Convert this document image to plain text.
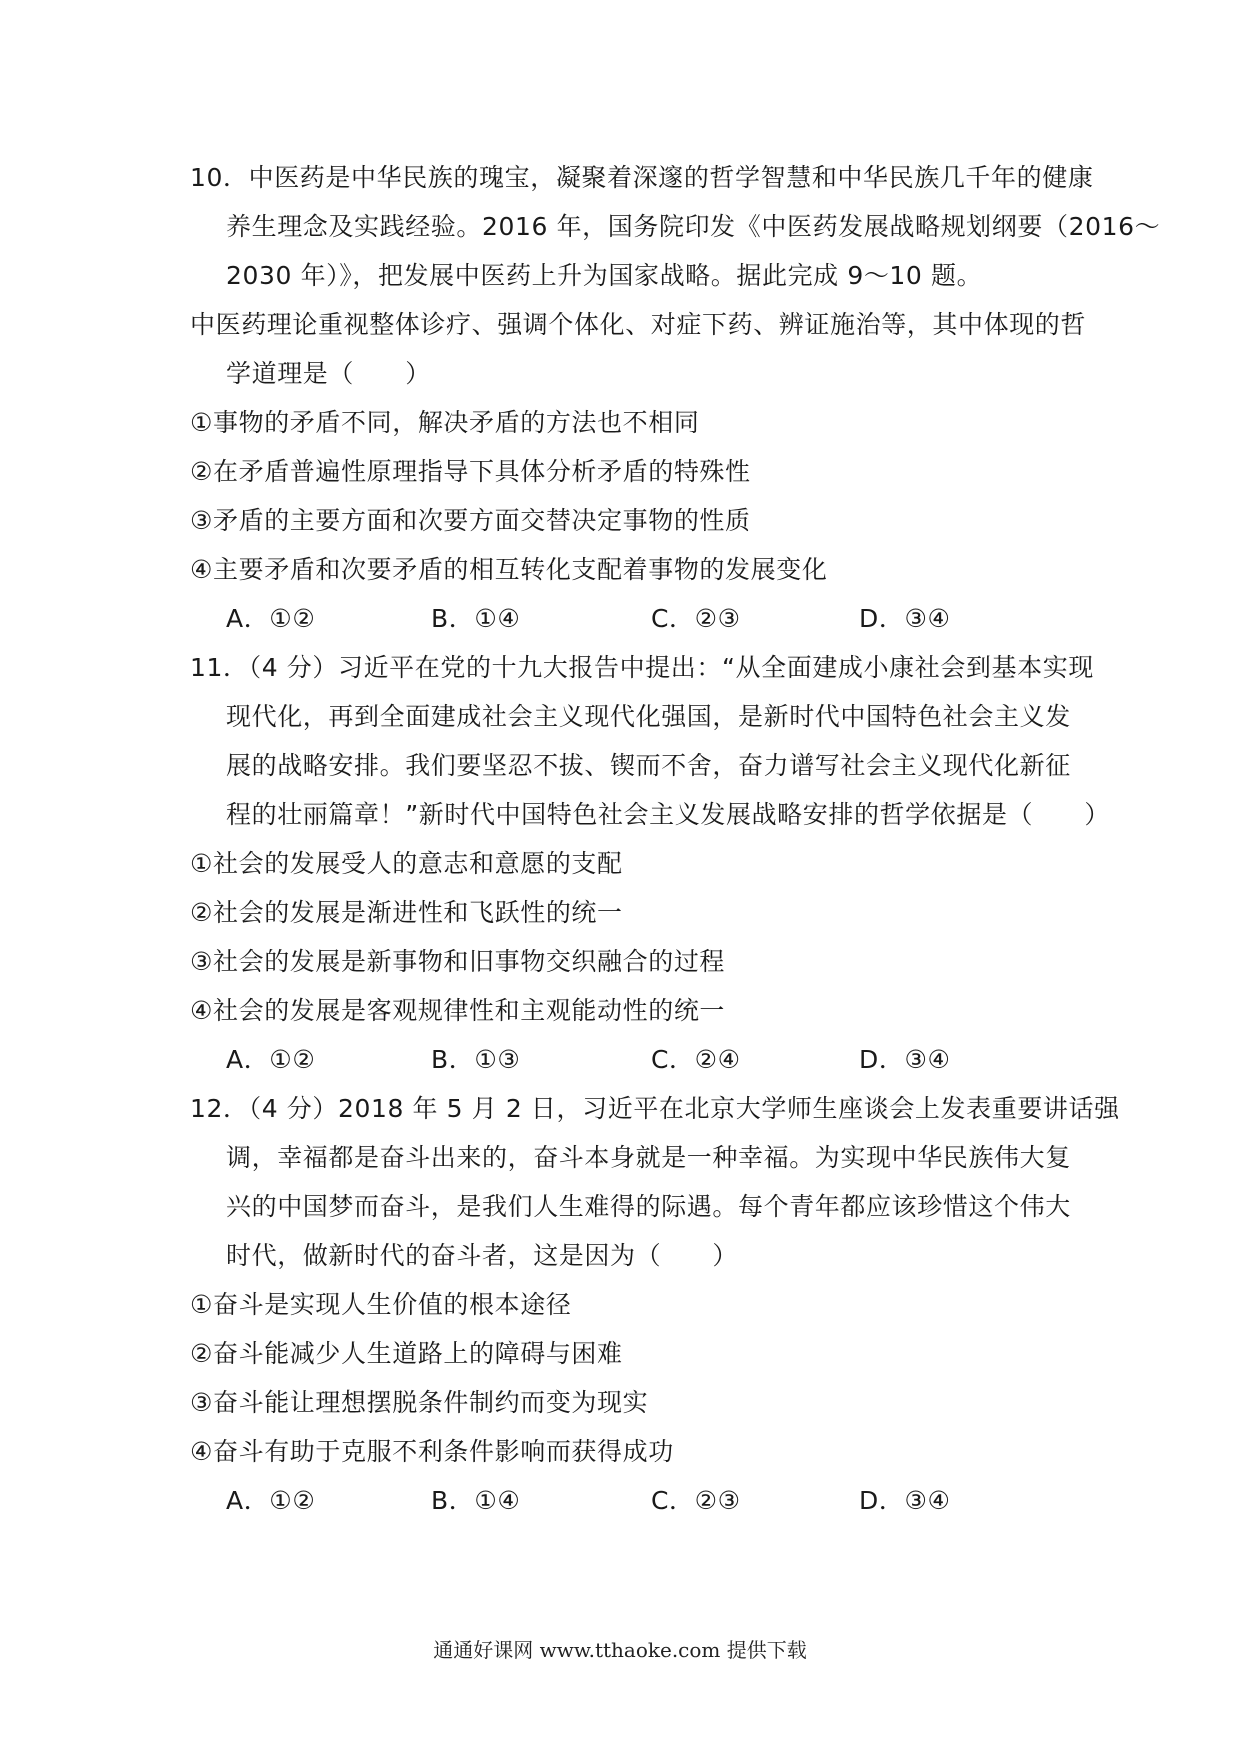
10．中医药是中华民族的瑰宝，凝聚着深邃的哲学智慧和中华民族几千年的健康
养生理念及实践经验。2016 年，国务院印发《中医药发展战略规划纲要（2016～
2030 年）》，把发展中医药上升为国家战略。据此完成 9～10 题。
中医药理论重视整体诊疗、强调个体化、对症下药、辨证施治等，其中体现的哲
学道理是（　　）
①事物的矛盾不同，解决矛盾的方法也不相同
②在矛盾普遍性原理指导下具体分析矛盾的特殊性
③矛盾的主要方面和次要方面交替决定事物的性质
④主要矛盾和次要矛盾的相互转化支配着事物的发展变化
A．①②	B．①④	C．②③	D．③④
11．（4 分）习近平在党的十九大报告中提出：“从全面建成小康社会到基本实现
现代化，再到全面建成社会主义现代化强国，是新时代中国特色社会主义发
展的战略安排。我们要坚忍不拔、锲而不舍，奋力谱写社会主义现代化新征
程的壮丽篇章！”新时代中国特色社会主义发展战略安排的哲学依据是（　　）
①社会的发展受人的意志和意愿的支配
②社会的发展是渐进性和飞跃性的统一
③社会的发展是新事物和旧事物交织融合的过程
④社会的发展是客观规律性和主观能动性的统一
A．①②	B．①③	C．②④	D．③④
12．（4 分）2018 年 5 月 2 日，习近平在北京大学师生座谈会上发表重要讲话强
调，幸福都是奋斗出来的，奋斗本身就是一种幸福。为实现中华民族伟大复
兴的中国梦而奋斗，是我们人生难得的际遇。每个青年都应该珍惜这个伟大
时代，做新时代的奋斗者，这是因为（　　）
①奋斗是实现人生价值的根本途径
②奋斗能减少人生道路上的障碍与困难
③奋斗能让理想摆脱条件制约而变为现实
④奋斗有助于克服不利条件影响而获得成功
A．①②	B．①④	C．②③	D．③④
通通好课网 www.tthaoke.com 提供下载
